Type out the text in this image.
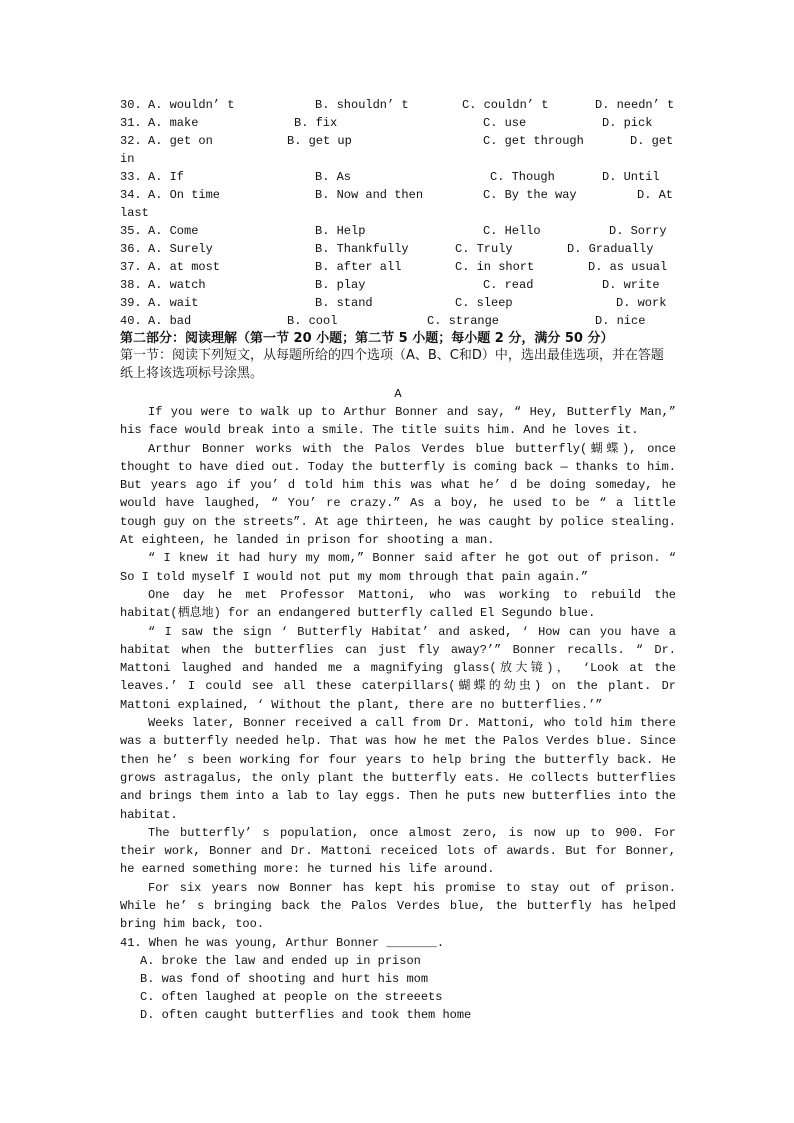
30. A. wouldn’ t	B. shouldn’ t	C. couldn’ t	D. needn’ t
31. A. make	B. fix	C. use	D. pick
32. A. get on	B. get up	C. get through	D. get
in
33. A. If	B. As	C. Though	D. Until
34. A. On time	B. Now and then	C. By the way	D. At
last
35. A. Come	B. Help	C. Hello	D. Sorry
36. A. Surely	B. Thankfully	C. Truly	D. Gradually
37. A. at most	B. after all	C. in short	D. as usual
38. A. watch	B. play	C. read	D. write
39. A. wait	B. stand	C. sleep	D. work
40. A. bad	B. cool	C. strange	D. nice
第二部分：阅读理解（第一节 20 小题；第二节 5 小题；每小题 2 分，满分 50 分）
第一节：阅读下列短文，从每题所给的四个选项（A、B、C和D）中，选出最佳选项，并在答题纸上将该选项标号涂黑。
A

If you were to walk up to Arthur Bonner and say, “ Hey, Butterfly Man,” his face would break into a smile. The title suits him. And he loves it.

Arthur Bonner works with the Palos Verdes blue butterfly(蝴蝶), once thought to have died out. Today the butterfly is coming back — thanks to him. But years ago if you’ d told him this was what he’ d be doing someday, he would have laughed, “ You’ re crazy.” As a boy, he used to be “ a little tough guy on the streets”. At age thirteen, he was caught by police stealing. At eighteen, he landed in prison for shooting a man.

“ I knew it had hury my mom,” Bonner said after he got out of prison. “ So I told myself I would not put my mom through that pain again.”

One day he met Professor Mattoni, who was working to rebuild the habitat(栖息地) for an endangered butterfly called El Segundo blue.

“ I saw the sign ‘ Butterfly Habitat’ and asked, ‘ How can you have a habitat when the butterflies can just fly away?’” Bonner recalls. “ Dr. Mattoni laughed and handed me a magnifying glass(放大镜)， ‘Look at the leaves.’ I could see all these caterpillars(蝴蝶的幼虫) on the plant. Dr Mattoni explained, ‘ Without the plant, there are no butterflies.’”

Weeks later, Bonner received a call from Dr. Mattoni, who told him there was a butterfly needed help. That was how he met the Palos Verdes blue. Since then he’ s been working for four years to help bring the butterfly back. He grows astragalus, the only plant the butterfly eats. He collects butterflies and brings them into a lab to lay eggs. Then he puts new butterflies into the habitat.

The butterfly’ s population, once almost zero, is now up to 900. For their work, Bonner and Dr. Mattoni receiced lots of awards. But for Bonner, he earned something more: he turned his life around.

For six years now Bonner has kept his promise to stay out of prison. While he’ s bringing back the Palos Verdes blue, the butterfly has helped bring him back, too.

41. When he was young, Arthur Bonner _______.
A. broke the law and ended up in prison
B. was fond of shooting and hurt his mom
C. often laughed at people on the streeets
D. often caught butterflies and took them home
